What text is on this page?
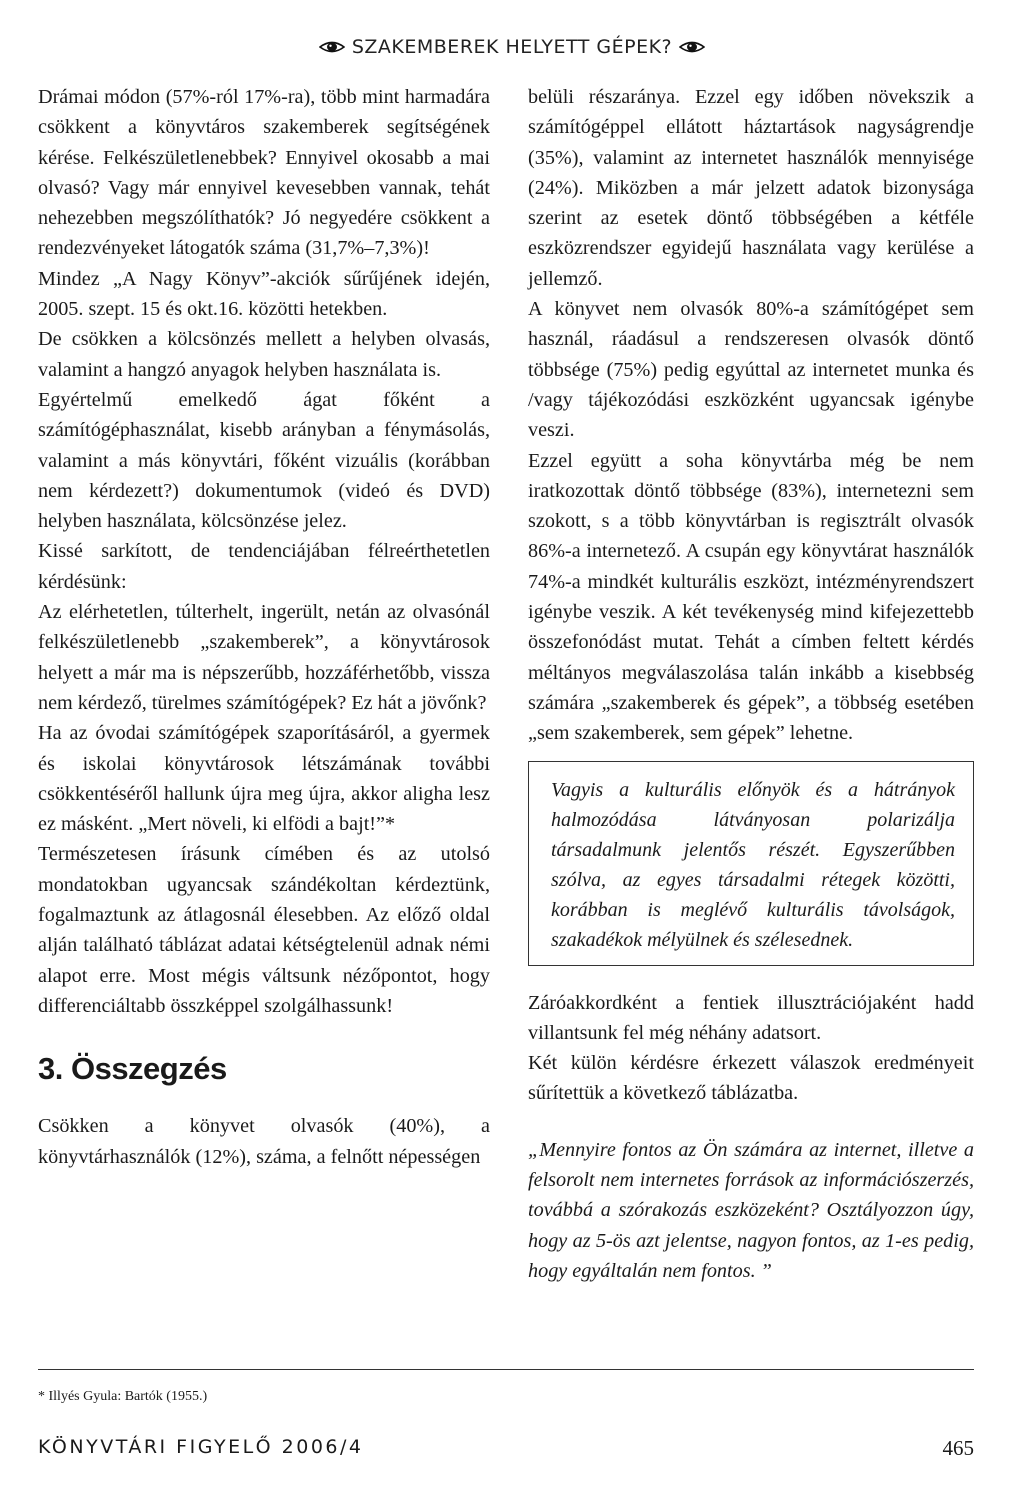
SZAKEMBEREK HELYETT GÉPEK?

Drámai módon (57%-ról 17%-ra), több mint harmadára csökkent a könyvtáros szakemberek segítségének kérése. Felkészületlenebbek? Ennyivel okosabb a mai olvasó? Vagy már ennyivel kevesebben vannak, tehát nehezebben megszólíthatók? Jó negyedére csökkent a rendezvényeket látogatók száma (31,7%–7,3%)!

Mindez „A Nagy Könyv”-akciók sűrűjének idején, 2005. szept. 15 és okt.16. közötti hetekben.

De csökken a kölcsönzés mellett a helyben olvasás, valamint a hangzó anyagok helyben használata is.

Egyértelmű emelkedő ágat főként a számítógéphasználat, kisebb arányban a fénymásolás, valamint a más könyvtári, főként vizuális (korábban nem kérdezett?) dokumentumok (videó és DVD) helyben használata, kölcsönzése jelez.

Kissé sarkított, de tendenciájában félreérthetetlen kérdésünk:

Az elérhetetlen, túlterhelt, ingerült, netán az olvasónál felkészületlenebb „szakemberek”, a könyvtárosok helyett a már ma is népszerűbb, hozzáférhetőbb, vissza nem kérdező, türelmes számítógépek? Ez hát a jövőnk?

Ha az óvodai számítógépek szaporításáról, a gyermek és iskolai könyvtárosok létszámának további csökkentéséről hallunk újra meg újra, akkor aligha lesz ez másként. „Mert növeli, ki elfödi a bajt!”*

Természetesen írásunk címében és az utolsó mondatokban ugyancsak szándékoltan kérdeztünk, fogalmaztunk az átlagosnál élesebben. Az előző oldal alján található táblázat adatai kétségtelenül adnak némi alapot erre. Most mégis váltsunk nézőpontot, hogy differenciáltabb összképpel szolgálhassunk!

3. Összegzés

Csökken a könyvet olvasók (40%), a könyvtárhasználók (12%), száma, a felnőtt népességen

belüli részaránya. Ezzel egy időben növekszik a számítógéppel ellátott háztartások nagyságrendje (35%), valamint az internetet használók mennyisége (24%). Miközben a már jelzett adatok bizonysága szerint az esetek döntő többségében a kétféle eszközrendszer egyidejű használata vagy kerülése a jellemző.

A könyvet nem olvasók 80%-a számítógépet sem használ, ráadásul a rendszeresen olvasók döntő többsége (75%) pedig egyúttal az internetet munka és /vagy tájékozódási eszközként ugyancsak igénybe veszi.

Ezzel együtt a soha könyvtárba még be nem iratkozottak döntő többsége (83%), internetezni sem szokott, s a több könyvtárban is regisztrált olvasók 86%-a internetező. A csupán egy könyvtárat használók 74%-a mindkét kulturális eszközt, intézményrendszert igénybe veszik. A két tevékenység mind kifejezettebb összefonódást mutat. Tehát a címben feltett kérdés méltányos megválaszolása talán inkább a kisebbség számára „szakemberek és gépek”, a többség esetében „sem szakemberek, sem gépek” lehetne.

Vagyis a kulturális előnyök és a hátrányok halmozódása látványosan polarizálja társadalmunk jelentős részét. Egyszerűbben szólva, az egyes társadalmi rétegek közötti, korábban is meglévő kulturális távolságok, szakadékok mélyülnek és szélesednek.

Záróakkordként a fentiek illusztrációjaként hadd villantsunk fel még néhány adatsort.

Két külön kérdésre érkezett válaszok eredményeit sűrítettük a következő táblázatba.

„Mennyire fontos az Ön számára az internet, illetve a felsorolt nem internetes források az információszerzés, továbbá a szórakozás eszközeként? Osztályozzon úgy, hogy az 5-ös azt jelentse, nagyon fontos, az 1-es pedig, hogy egyáltalán nem fontos. ”

* Illyés Gyula: Bartók (1955.)
KÖNYVTÁRI FIGYELŐ 2006/4	465
